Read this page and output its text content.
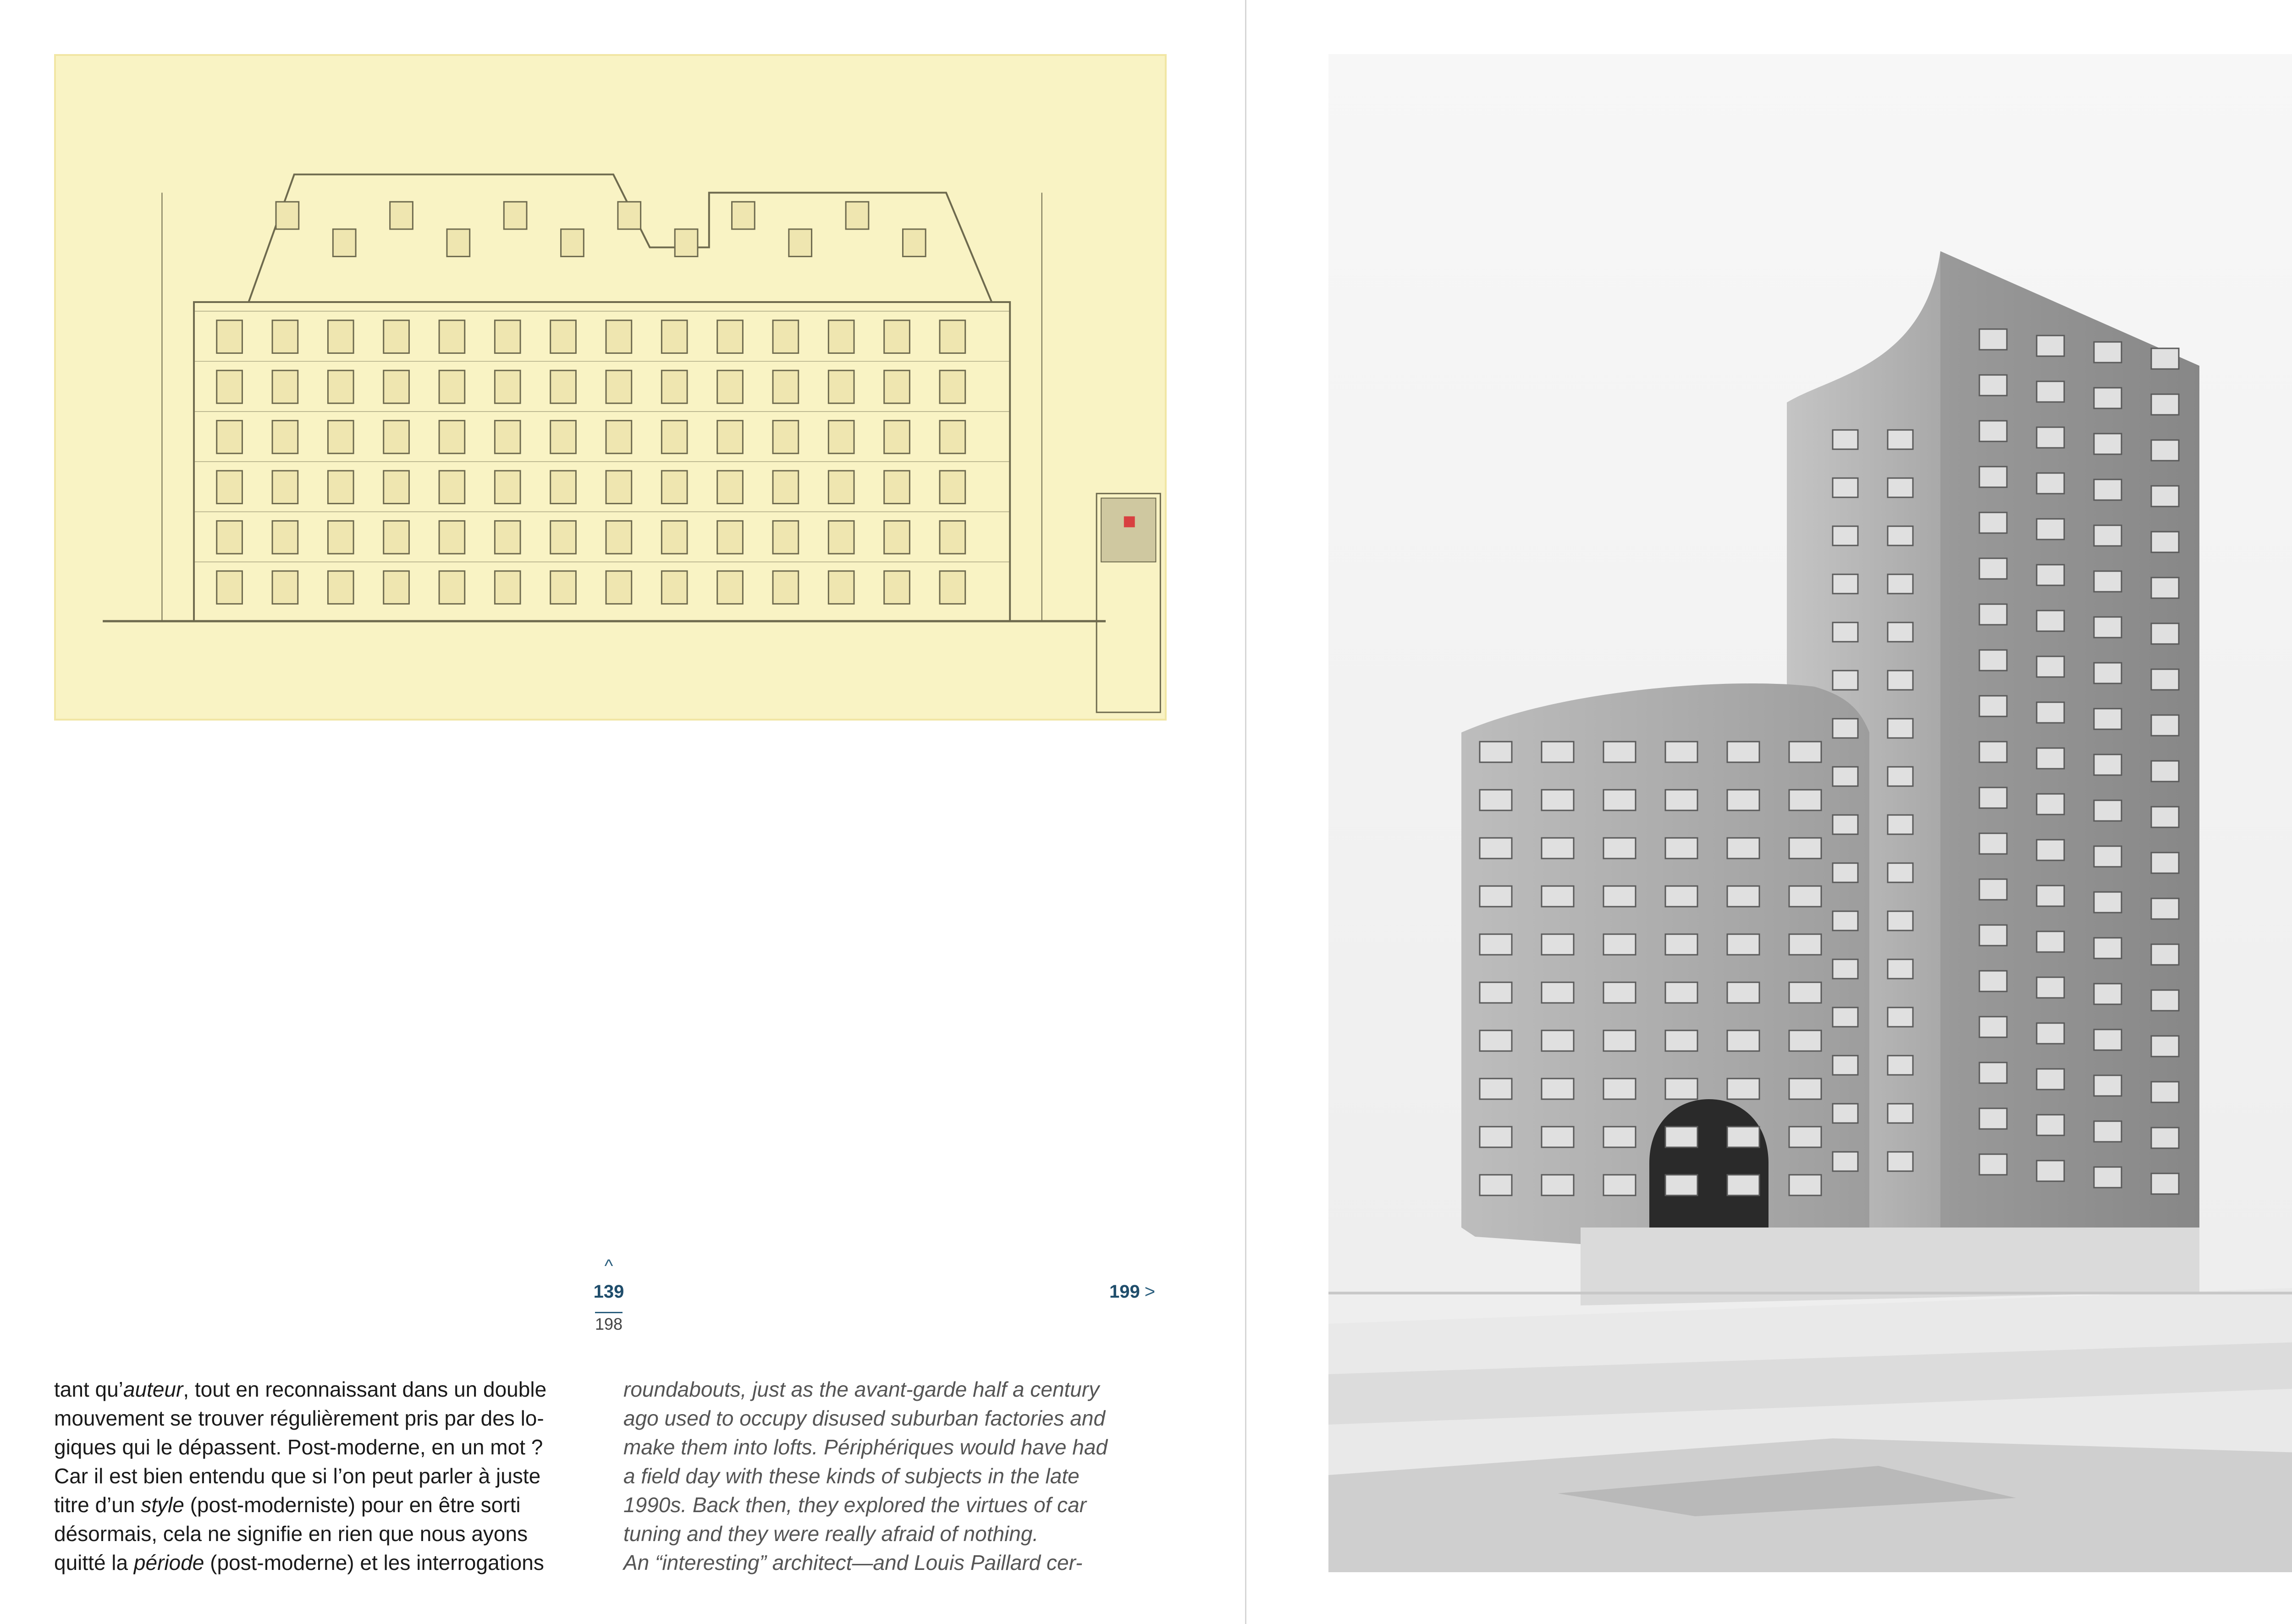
^
139
198
199 >
tant qu’auteur, tout en reconnaissant dans un double
mouvement se trouver régulièrement pris par des lo-
giques qui le dépassent. Post-moderne, en un mot ?
Car il est bien entendu que si l’on peut parler à juste
titre d’un style (post-moderniste) pour en être sorti
désormais, cela ne signifie en rien que nous ayons
quitté la période (post-moderne) et les interrogations
roundabouts, just as the avant-garde half a century
ago used to occupy disused suburban factories and
make them into lofts. Périphériques would have had
a field day with these kinds of subjects in the late
1990s. Back then, they explored the virtues of car
tuning and they were really afraid of nothing.
An “interesting” architect—and Louis Paillard cer-
